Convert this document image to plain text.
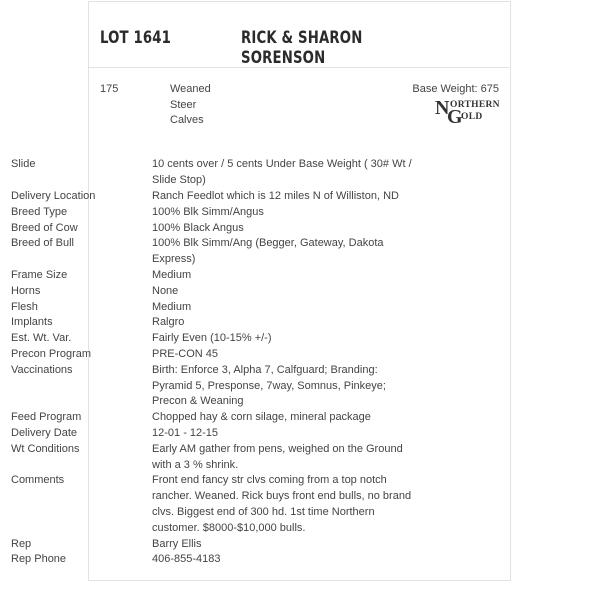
LOT 1641	RICK & SHARON SORENSON
175	Weaned
Steer
Calves
Base Weight: 675
N ORTHERN
G
OLD
Slide	10 cents over / 5 cents Under Base Weight ( 30# Wt / Slide Stop)
Delivery Location	Ranch Feedlot which is 12 miles N of Williston, ND
Breed Type	100% Blk Simm/Angus
Breed of Cow	100% Black Angus
Breed of Bull	100% Blk Simm/Ang (Begger, Gateway, Dakota Express)
Frame Size	Medium
Horns	None
Flesh	Medium
Implants	Ralgro
Est. Wt. Var.	Fairly Even (10-15% +/-)
Precon Program	PRE-CON 45
Vaccinations	Birth: Enforce 3, Alpha 7, Calfguard; Branding: Pyramid 5, Presponse, 7way, Somnus, Pinkeye; Precon & Weaning
Feed Program	Chopped hay & corn silage, mineral package
Delivery Date	12-01 - 12-15
Wt Conditions	Early AM gather from pens, weighed on the Ground with a 3 % shrink.
Comments	Front end fancy str clvs coming from a top notch rancher. Weaned. Rick buys front end bulls, no brand clvs. Biggest end of 300 hd. 1st time Northern customer. $8000-$10,000 bulls.
Rep	Barry Ellis
Rep Phone	406-855-4183
